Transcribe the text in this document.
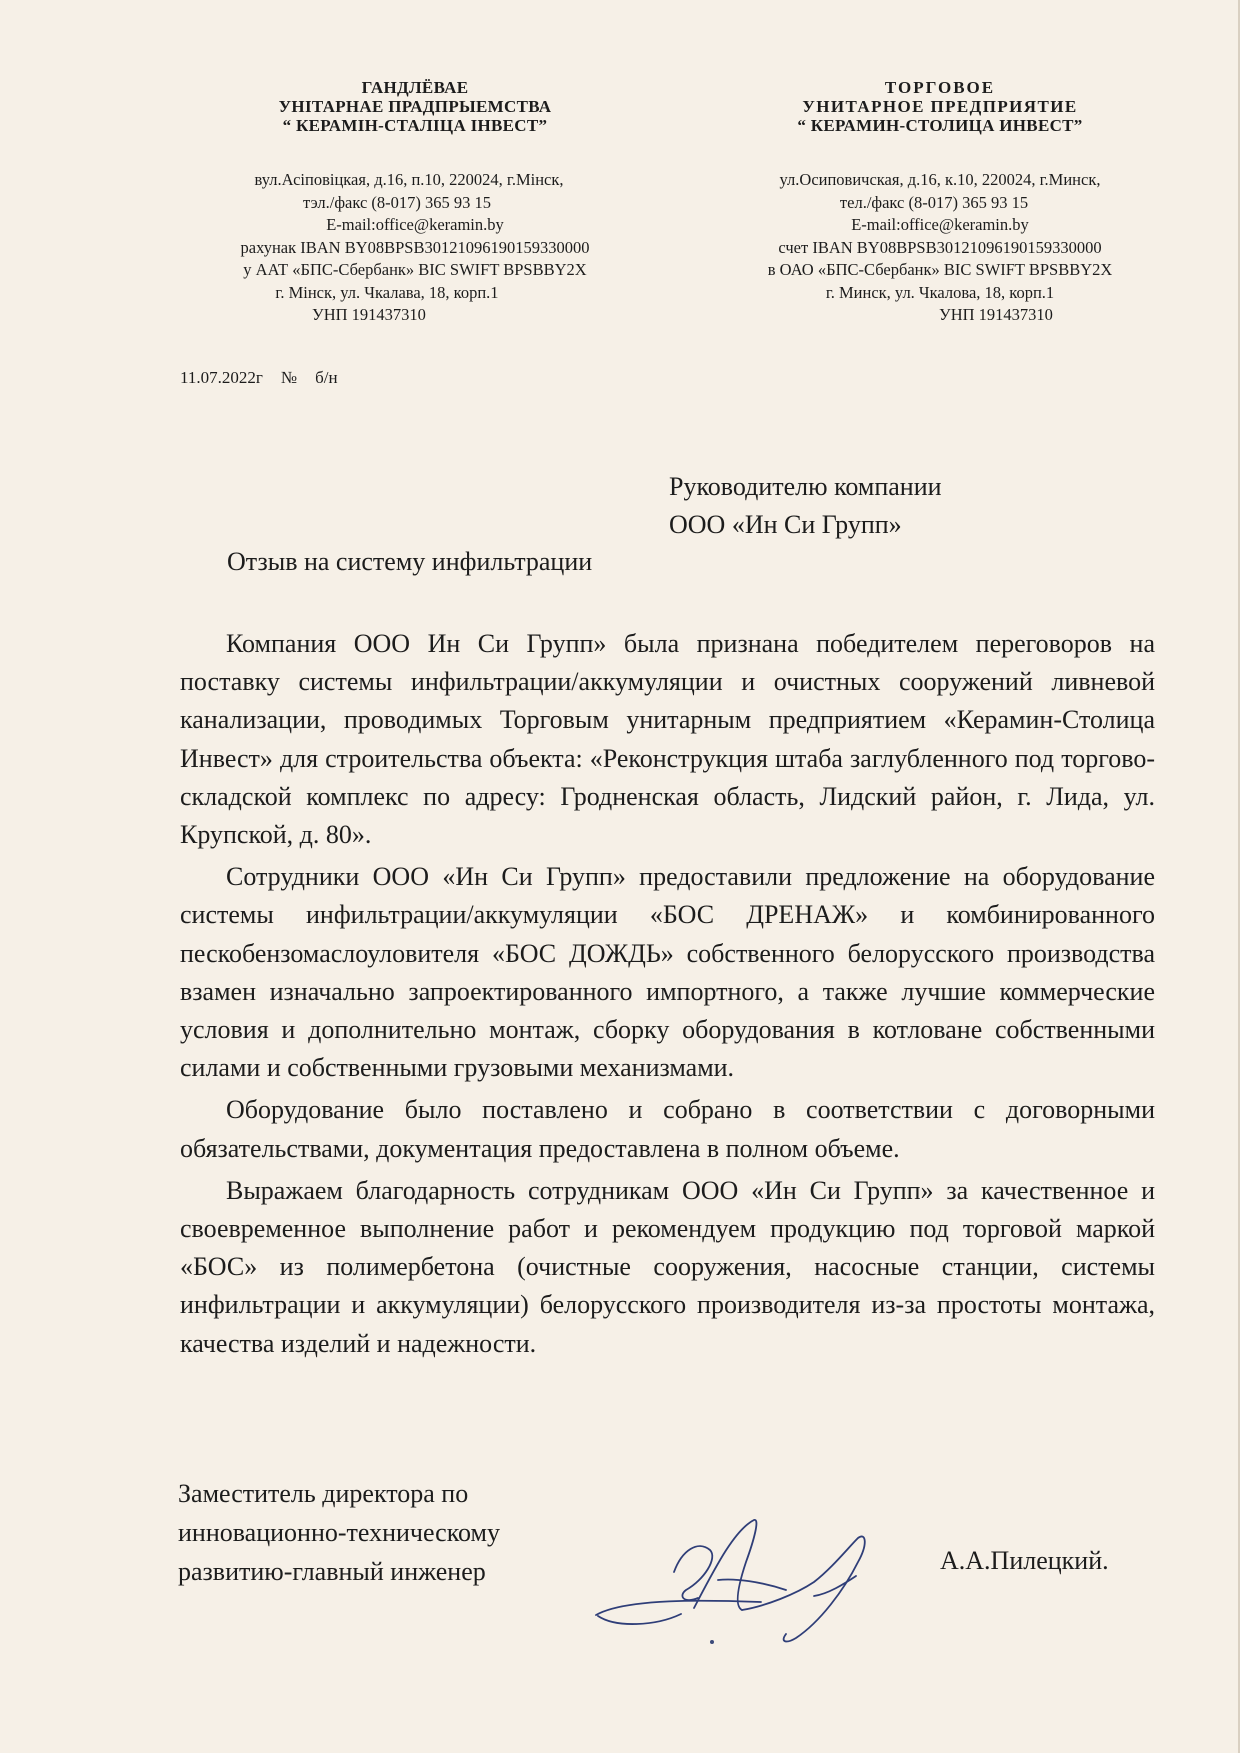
ГАНДЛЁВАЕ
УНІТАРНАЕ ПРАДПРЫЕМСТВА
“ КЕРАМІН-СТАЛІЦА ІНВЕСТ”
вул.Асіповіцкая, д.16, п.10, 220024, г.Мінск,
тэл./факс (8-017) 365 93 15
E-mail:office@keramin.by
рахунак IBAN BY08BPSB30121096190159330000
у ААТ «БПС-Сбербанк» BIC SWIFT BPSBBY2X
г. Мінск, ул. Чкалава, 18, корп.1
УНП 191437310
ТОРГОВОЕ
УНИТАРНОЕ ПРЕДПРИЯТИЕ
“ КЕРАМИН-СТОЛИЦА ИНВЕСТ”
ул.Осиповичская, д.16, к.10, 220024, г.Минск,
тел./факс (8-017) 365 93 15
E-mail:office@keramin.by
счет IBAN BY08BPSB30121096190159330000
в ОАО «БПС-Сбербанк» BIC SWIFT BPSBBY2X
г. Минск, ул. Чкалова, 18, корп.1
УНП 191437310
11.07.2022г № б/н
Руководителю компании
ООО «Ин Си Групп»
Отзыв на систему инфильтрации

Компания ООО Ин Си Групп» была признана победителем переговоров на поставку системы инфильтрации/аккумуляции и очистных сооружений ливневой канализации, проводимых Торговым унитарным предприятием «Керамин-Столица Инвест» для строительства объекта: «Реконструкция штаба заглубленного под торгово-складской комплекс по адресу: Гродненская область, Лидский район, г. Лида, ул. Крупской, д. 80».

Сотрудники ООО «Ин Си Групп» предоставили предложение на оборудование системы инфильтрации/аккумуляции «БОС ДРЕНАЖ» и комбинированного пескобензомаслоуловителя «БОС ДОЖДЬ» собственного белорусского производства взамен изначально запроектированного импортного, а также лучшие коммерческие условия и дополнительно монтаж, сборку оборудования в котловане собственными силами и собственными грузовыми механизмами.

Оборудование было поставлено и собрано в соответствии с договорными обязательствами, документация предоставлена в полном объеме.

Выражаем благодарность сотрудникам ООО «Ин Си Групп» за качественное и своевременное выполнение работ и рекомендуем продукцию под торговой маркой «БОС» из полимербетона (очистные сооружения, насосные станции, системы инфильтрации и аккумуляции) белорусского производителя из-за простоты монтажа, качества изделий и надежности.

Заместитель директора по
инновационно-техническому
развитию-главный инженер	А.А.Пилецкий.
